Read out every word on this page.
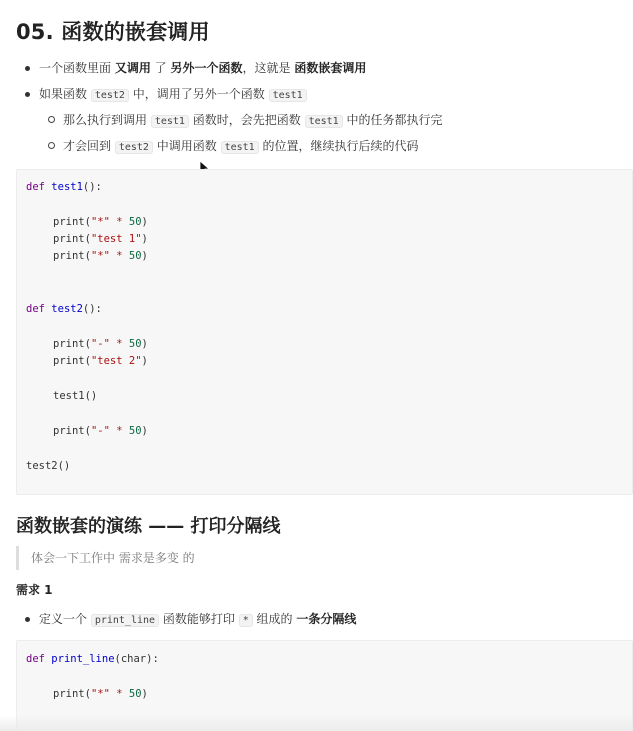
05. 函数的嵌套调用
一个函数里面 又调用 了 另外一个函数，这就是 函数嵌套调用
如果函数 test2 中，调用了另外一个函数 test1
那么执行到调用 test1 函数时，会先把函数 test1 中的任务都执行完
才会回到 test2 中调用函数 test1 的位置，继续执行后续的代码
def test1():
print("*" * 50)
print("test 1")
print("*" * 50)
def test2():
print("-" * 50)
print("test 2")
test1()
print("-" * 50)
test2()
函数嵌套的演练 —— 打印分隔线
体会一下工作中 需求是多变 的
需求 1
定义一个 print_line 函数能够打印 * 组成的 一条分隔线
def print_line(char):
print("*" * 50)
